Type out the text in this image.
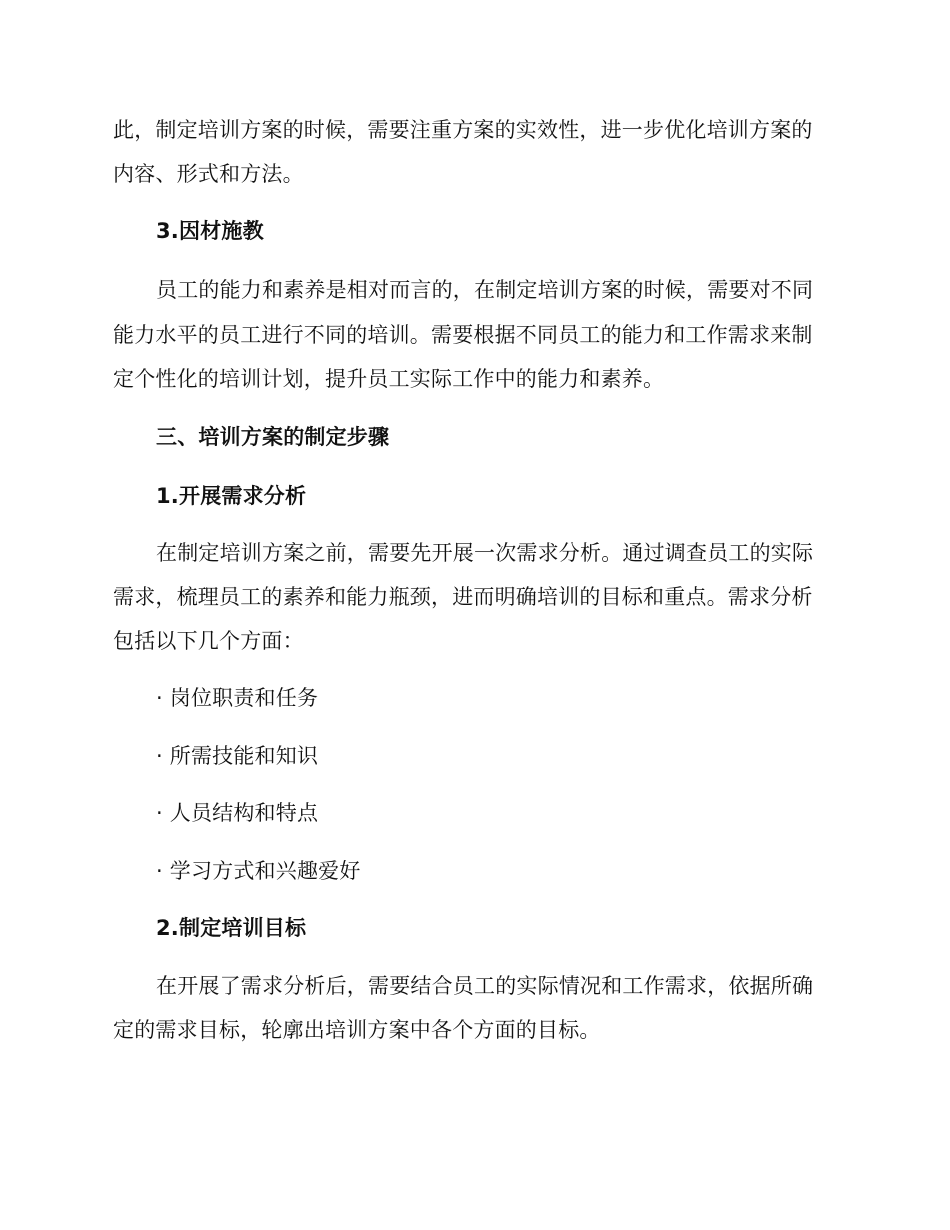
此，制定培训方案的时候，需要注重方案的实效性，进一步优化培训方案的
内容、形式和方法。
3.因材施教
员工的能力和素养是相对而言的，在制定培训方案的时候，需要对不同
能力水平的员工进行不同的培训。需要根据不同员工的能力和工作需求来制
定个性化的培训计划，提升员工实际工作中的能力和素养。
三、培训方案的制定步骤
1.开展需求分析
在制定培训方案之前，需要先开展一次需求分析。通过调查员工的实际
需求，梳理员工的素养和能力瓶颈，进而明确培训的目标和重点。需求分析
包括以下几个方面：
· 岗位职责和任务
· 所需技能和知识
· 人员结构和特点
· 学习方式和兴趣爱好
2.制定培训目标
在开展了需求分析后，需要结合员工的实际情况和工作需求，依据所确
定的需求目标，轮廓出培训方案中各个方面的目标。
